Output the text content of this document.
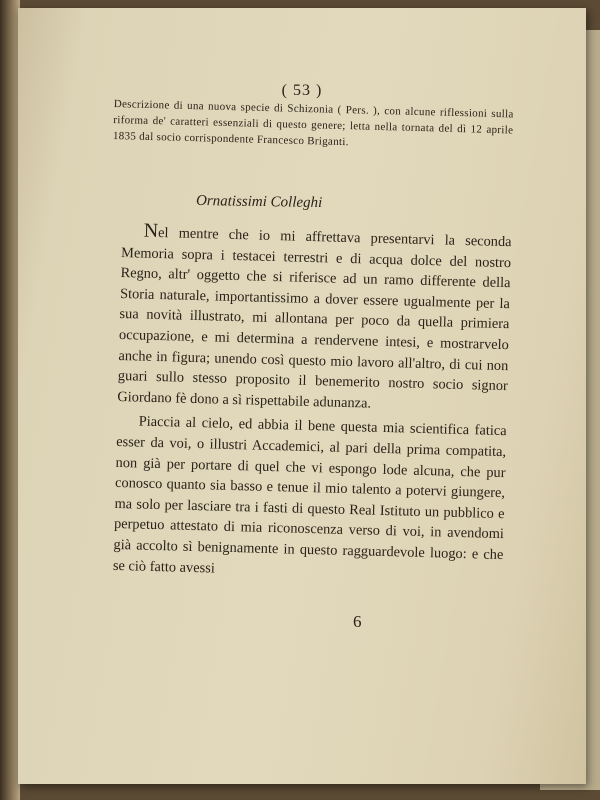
( 53 )
Descrizione di una nuova specie di Schizonia ( Pers. ), con alcune riflessioni sulla riforma de' caratteri essenziali di questo genere; letta nella tornata del dì 12 aprile 1835 dal socio corrispondente Francesco Briganti.
Ornatissimi Colleghi

Nel mentre che io mi affrettava presentarvi la seconda Memoria sopra i testacei terrestri e di acqua dolce del nostro Regno, altr' oggetto che si riferisce ad un ramo differente della Storia naturale, importantissimo a dover essere ugualmente per la sua novità illustrato, mi allontana per poco da quella primiera occupazione, e mi determina a rendervene intesi, e mostrarvelo anche in figura; unendo così questo mio lavoro all'altro, di cui non guari sullo stesso proposito il benemerito nostro socio signor Giordano fè dono a sì rispettabile adunanza.

Piaccia al cielo, ed abbia il bene questa mia scientifica fatica esser da voi, o illustri Accademici, al pari della prima compatita, non già per portare di quel che vi espongo lode alcuna, che pur conosco quanto sia basso e tenue il mio talento a potervi giungere, ma solo per lasciare tra i fasti di questo Real Istituto un pubblico e perpetuo attestato di mia riconoscenza verso di voi, in avendomi già accolto sì benignamente in questo ragguardevole luogo: e che se ciò fatto avessi

6
